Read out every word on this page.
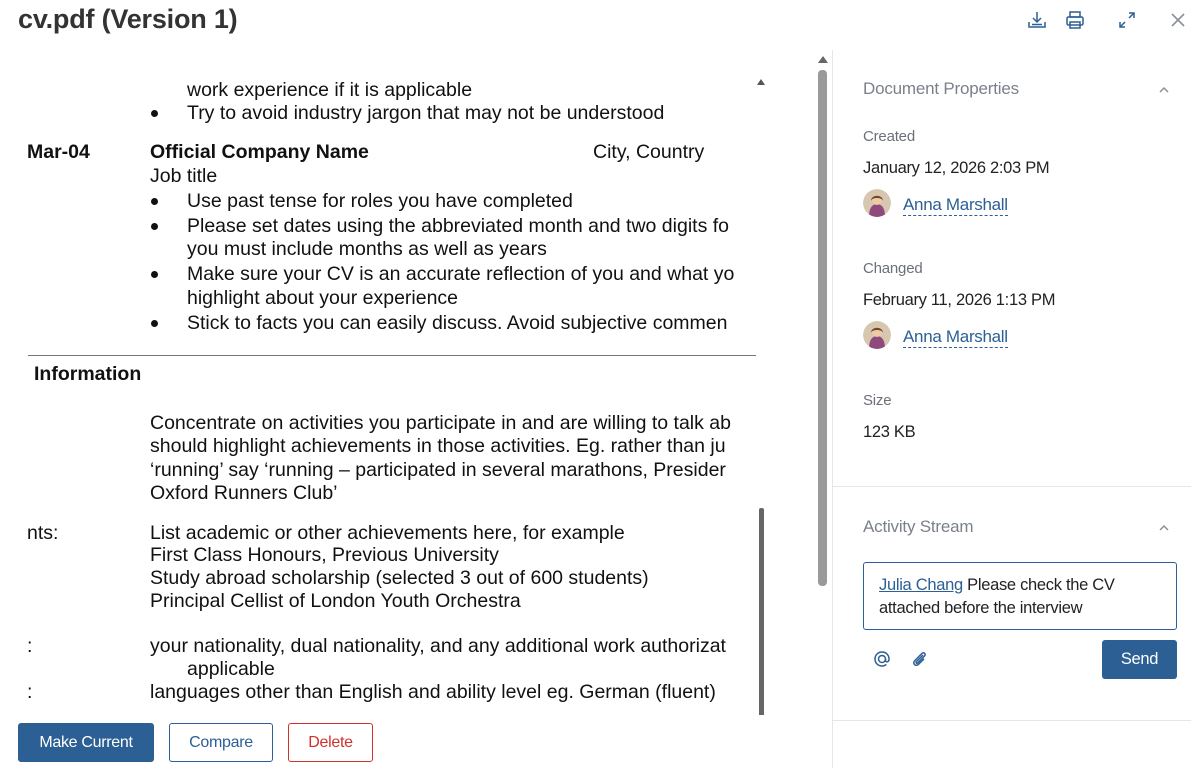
cv.pdf (Version 1)
work experience if it is applicable
Try to avoid industry jargon that may not be understood
Mar-04	Official Company Name	City, Country
Job title
Use past tense for roles you have completed
Please set dates using the abbreviated month and two digits fo
you must include months as well as years
Make sure your CV is an accurate reflection of you and what yo
highlight about your experience
Stick to facts you can easily discuss. Avoid subjective commen
Information
Concentrate on activities you participate in and are willing to talk ab
should highlight achievements in those activities. Eg. rather than ju
‘running’ say ‘running – participated in several marathons, Presider
Oxford Runners Club’
nts:	List academic or other achievements here, for example
First Class Honours, Previous University
Study abroad scholarship (selected 3 out of 600 students)
Principal Cellist of London Youth Orchestra
:	your nationality, dual nationality, and any additional work authorizat
applicable
:	languages other than English and ability level eg. German (fluent)
Make Current	Compare	Delete
Document Properties
Created
January 12, 2026 2:03 PM
Anna Marshall
Changed
February 11, 2026 1:13 PM
Anna Marshall
Size
123 KB
Activity Stream
Julia Chang Please check the CV attached before the interview
Send
